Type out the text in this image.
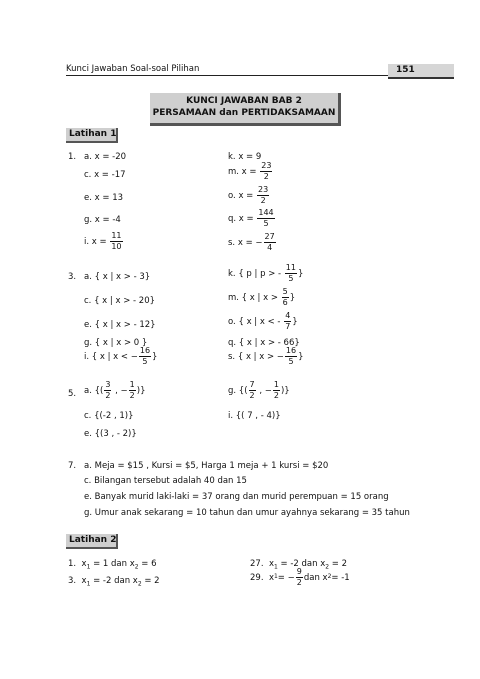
Kunci Jawaban Soal-soal Pilihan	151
KUNCI JAWABAN BAB 2
PERSAMAAN dan PERTIDAKSAMAAN
Latihan 1
1. a. x = -20
c. x = -17
e. x = 13
g. x = -4
i. x =
$\frac{11}{10}$
k. x = 9
m. x =
$\frac{23}{2}$
o. x =
$\frac{23}{2}$
q. x =
$\frac{144}{5}$
s. x = − $\frac{27}{4}$
3. a. { x | x > - 3}
c. { x | x > - 20}
e. { x | x > - 12}
g. { x | x > 0 }
i. { x | x < − $\frac{16}{5}$ }
k. { p | p > -
$\frac{11}{5}$ }
m. { x | x >
$\frac{5}{6}$ }
o. { x | x < -
$\frac{4}{7}$ }
q. { x | x > - 66}
s. { x | x > − $\frac{16}{5}$ }
5. a. {( $\frac{3}{2}$
, − $\frac{1}{2}$ )}
c. {(-2 , 1)}
e. {(3 , - 2)}
g. {( $\frac{7}{2}$
, − $\frac{1}{2}$ )}
i. {( 7 , - 4)}
7. a. Meja = $15 , Kursi = $5, Harga 1 meja + 1 kursi = $20
c. Bilangan tersebut adalah 40 dan 15
e. Banyak murid laki-laki = 37 orang dan murid perempuan = 15 orang
g. Umur anak sekarang = 10 tahun dan umur ayahnya sekarang = 35 tahun
Latihan 2
1. $x_1 = 1$ dan $x_2 = 6$
3. $x_1 = -2$ dan $x_2 = 2$
27. $x_1 = -2$ dan $x_2 = 2$
29.
x 1 = − $\frac{9}{2}$ dan x 2 = -1
